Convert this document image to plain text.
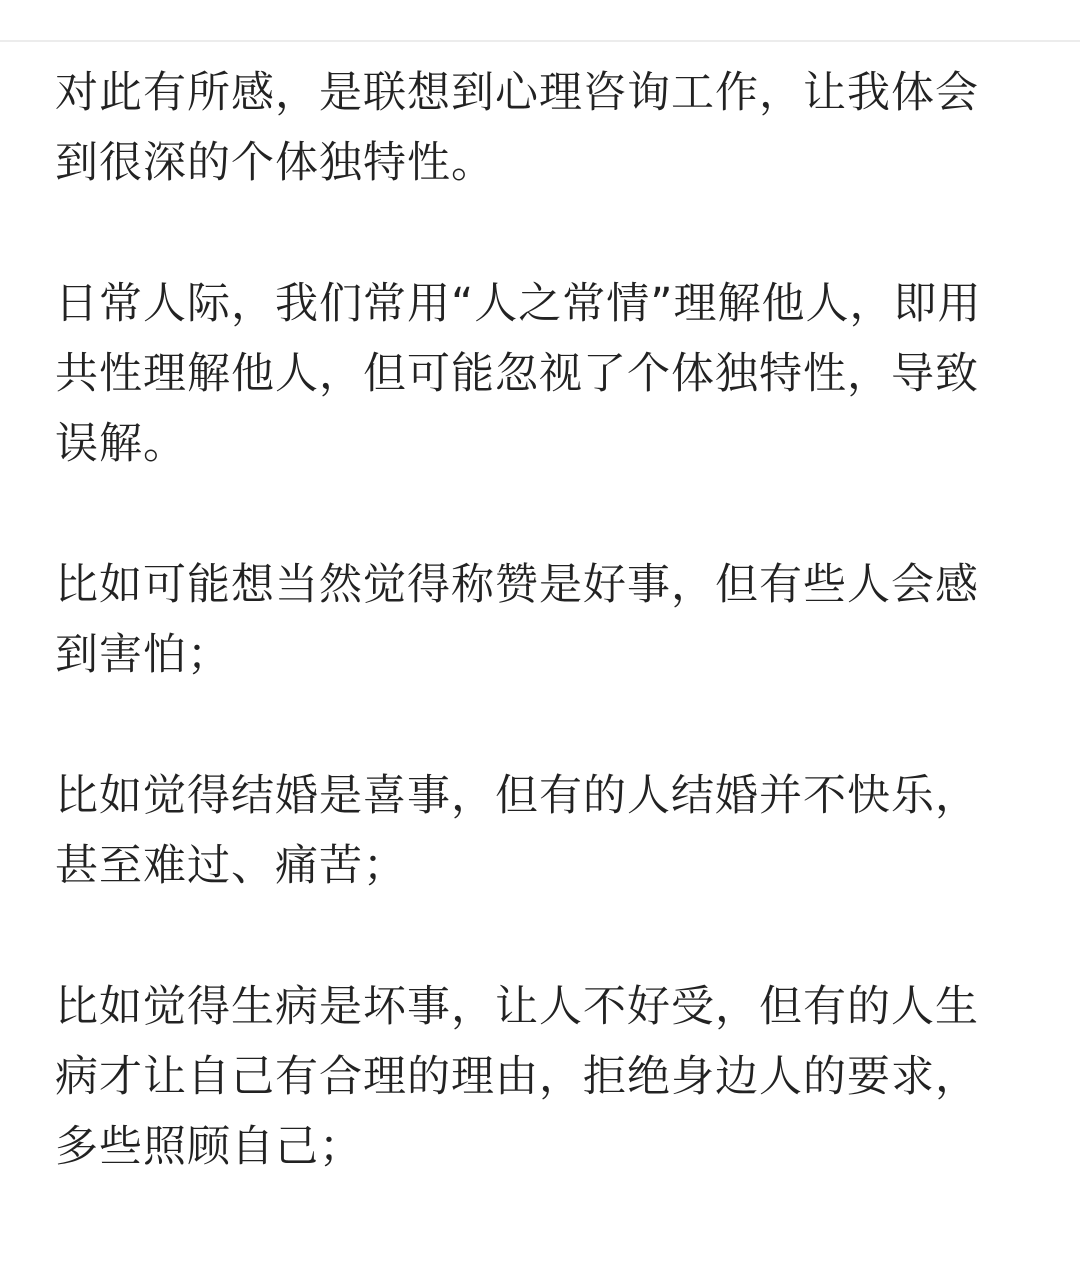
对此有所感，是联想到心理咨询工作，让我体会
到很深的个体独特性。

日常人际，我们常用“人之常情”理解他人，即用
共性理解他人，但可能忽视了个体独特性，导致
误解。

比如可能想当然觉得称赞是好事，但有些人会感
到害怕；

比如觉得结婚是喜事，但有的人结婚并不快乐，
甚至难过、痛苦；

比如觉得生病是坏事，让人不好受，但有的人生
病才让自己有合理的理由，拒绝身边人的要求，
多些照顾自己；
